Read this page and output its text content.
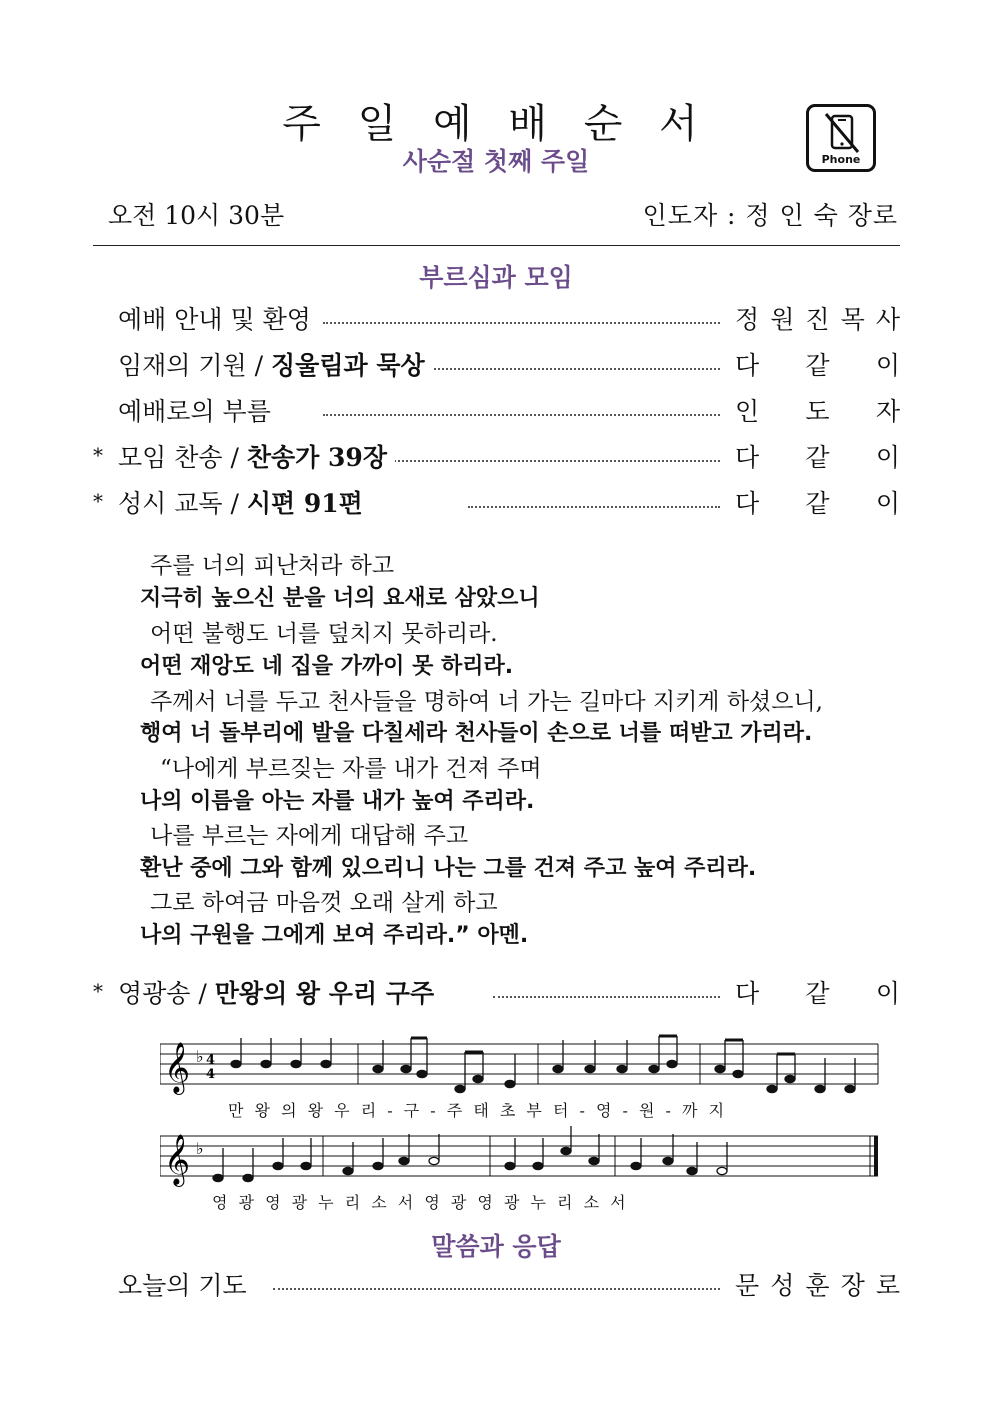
주 일 예 배 순 서
사순절 첫째 주일	Phone
오전 10시 30분	인도자 : 정 인 숙 장로
부르심과 모임
예배 안내 및 환영	정 원 진 목 사
임재의 기원 / 징울림과 묵상	다 같 이
예배로의 부름	인 도 자
* 모임 찬송 / 찬송가 39장	다 같 이
* 성시 교독 / 시편 91편	다 같 이
주를 너의 피난처라 하고
지극히 높으신 분을 너의 요새로 삼았으니
어떤 불행도 너를 덮치지 못하리라.
어떤 재앙도 네 집을 가까이 못 하리라.
주께서 너를 두고 천사들을 명하여 너 가는 길마다 지키게 하셨으니,
행여 너 돌부리에 발을 다칠세라 천사들이 손으로 너를 떠받고 가리라.
“나에게 부르짖는 자를 내가 건져 주며
나의 이름을 아는 자를 내가 높여 주리라.
나를 부르는 자에게 대답해 주고
환난 중에 그와 함께 있으리니 나는 그를 건져 주고 높여 주리라.
그로 하여금 마음껏 오래 살게 하고
나의 구원을 그에게 보여 주리라.” 아멘.
* 영광송 / 만왕의 왕 우리 구주	다 같 이
𝄞 ♭ 4
4
만 왕 의 왕 우 리 - 구 - 주 태 초 부 터 - 영 - 원 - 까 지
𝄞 ♭
영 광 영 광 누 리 소 서 영 광 영 광 누 리 소 서
말씀과 응답
오늘의 기도	문 성 훈 장 로
